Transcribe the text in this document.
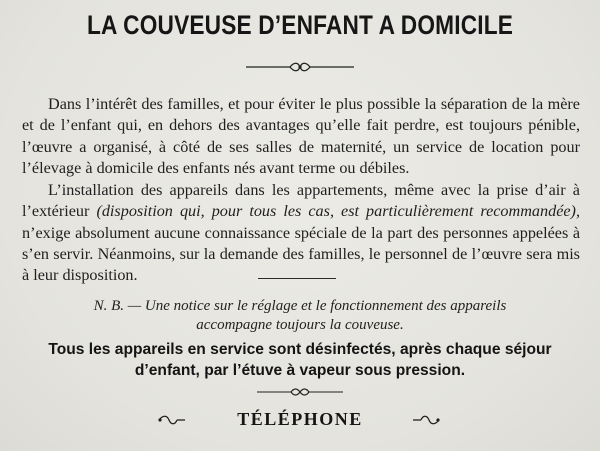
LA COUVEUSE D’ENFANT A DOMICILE
Dans l’intérêt des familles, et pour éviter le plus possible la séparation de la mère et de l’enfant qui, en dehors des avantages qu’elle fait perdre, est toujours pénible, l’œuvre a organisé, à côté de ses salles de maternité, un service de location pour l’élevage à domicile des enfants nés avant terme ou débiles.
L’installation des appareils dans les appartements, même avec la prise d’air à l’extérieur (disposition qui, pour tous les cas, est particulièrement recommandée), n’exige absolument aucune connaissance spéciale de la part des personnes appelées à s’en servir. Néanmoins, sur la demande des familles, le personnel de l’œuvre sera mis à leur disposition.
N. B. — Une notice sur le réglage et le fonctionnement des appareils
accompagne toujours la couveuse.
Tous les appareils en service sont désinfectés, après chaque séjour
d’enfant, par l’étuve à vapeur sous pression.
TÉLÉPHONE
